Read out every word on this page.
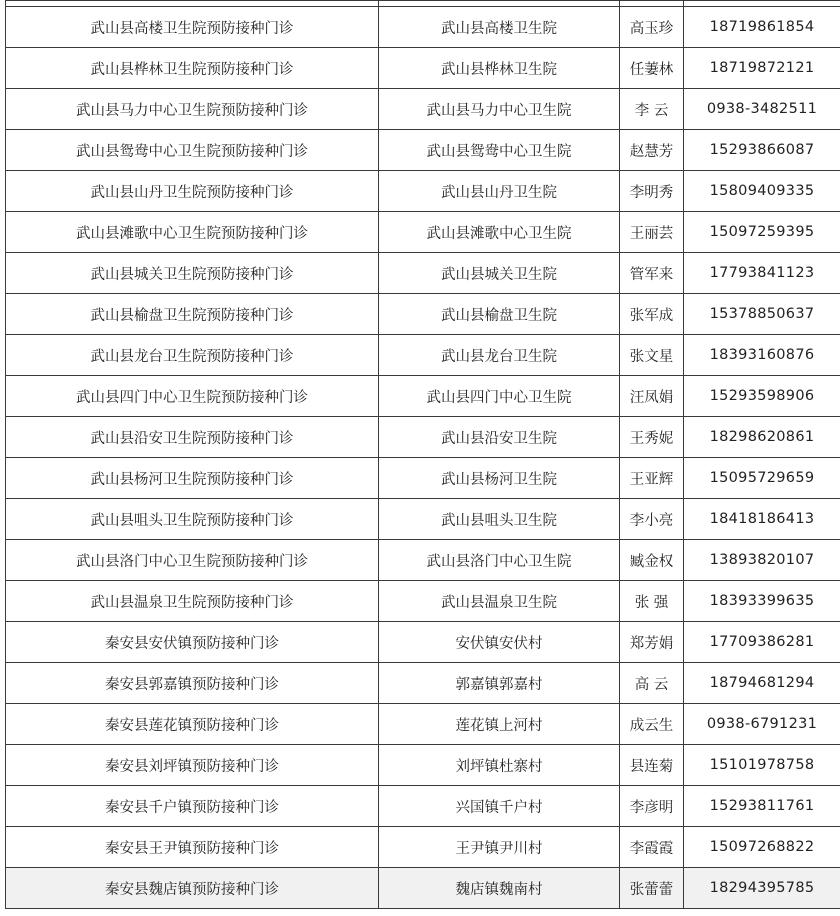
武山县高楼卫生院预防接种门诊	武山县高楼卫生院	高玉珍	18719861854
武山县桦林卫生院预防接种门诊	武山县桦林卫生院	任萋林	18719872121
武山县马力中心卫生院预防接种门诊	武山县马力中心卫生院	李 云	0938-3482511
武山县鸳鸯中心卫生院预防接种门诊	武山县鸳鸯中心卫生院	赵慧芳	15293866087
武山县山丹卫生院预防接种门诊	武山县山丹卫生院	李明秀	15809409335
武山县滩歌中心卫生院预防接种门诊	武山县滩歌中心卫生院	王丽芸	15097259395
武山县城关卫生院预防接种门诊	武山县城关卫生院	管军来	17793841123
武山县榆盘卫生院预防接种门诊	武山县榆盘卫生院	张军成	15378850637
武山县龙台卫生院预防接种门诊	武山县龙台卫生院	张文星	18393160876
武山县四门中心卫生院预防接种门诊	武山县四门中心卫生院	汪凤娟	15293598906
武山县沿安卫生院预防接种门诊	武山县沿安卫生院	王秀妮	18298620861
武山县杨河卫生院预防接种门诊	武山县杨河卫生院	王亚辉	15095729659
武山县咀头卫生院预防接种门诊	武山县咀头卫生院	李小亮	18418186413
武山县洛门中心卫生院预防接种门诊	武山县洛门中心卫生院	臧金权	13893820107
武山县温泉卫生院预防接种门诊	武山县温泉卫生院	张 强	18393399635
秦安县安伏镇预防接种门诊	安伏镇安伏村	郑芳娟	17709386281
秦安县郭嘉镇预防接种门诊	郭嘉镇郭嘉村	高 云	18794681294
秦安县莲花镇预防接种门诊	莲花镇上河村	成云生	0938-6791231
秦安县刘坪镇预防接种门诊	刘坪镇杜寨村	县连菊	15101978758
秦安县千户镇预防接种门诊	兴国镇千户村	李彦明	15293811761
秦安县王尹镇预防接种门诊	王尹镇尹川村	李霞霞	15097268822
秦安县魏店镇预防接种门诊	魏店镇魏南村	张蕾蕾	18294395785
